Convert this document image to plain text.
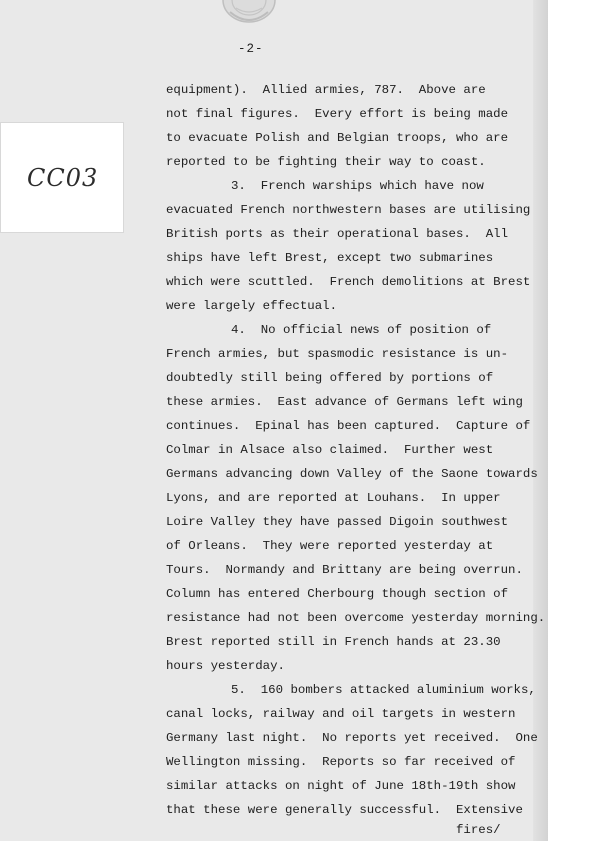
-2-
CC03
equipment).  Allied armies, 787.  Above are
not final figures.  Every effort is being made
to evacuate Polish and Belgian troops, who are
reported to be fighting their way to coast.
3.  French warships which have now
evacuated French northwestern bases are utilising
British ports as their operational bases.  All
ships have left Brest, except two submarines
which were scuttled.  French demolitions at Brest
were largely effectual.
4.  No official news of position of
French armies, but spasmodic resistance is un-
doubtedly still being offered by portions of
these armies.  East advance of Germans left wing
continues.  Epinal has been captured.  Capture of
Colmar in Alsace also claimed.  Further west
Germans advancing down Valley of the Saone towards
Lyons, and are reported at Louhans.  In upper
Loire Valley they have passed Digoin southwest
of Orleans.  They were reported yesterday at
Tours.  Normandy and Brittany are being overrun.
Column has entered Cherbourg though section of
resistance had not been overcome yesterday morning.
Brest reported still in French hands at 23.30
hours yesterday.
5.  160 bombers attacked aluminium works,
canal locks, railway and oil targets in western
Germany last night.  No reports yet received.  One
Wellington missing.  Reports so far received of
similar attacks on night of June 18th-19th show
that these were generally successful.  Extensive
fires/
